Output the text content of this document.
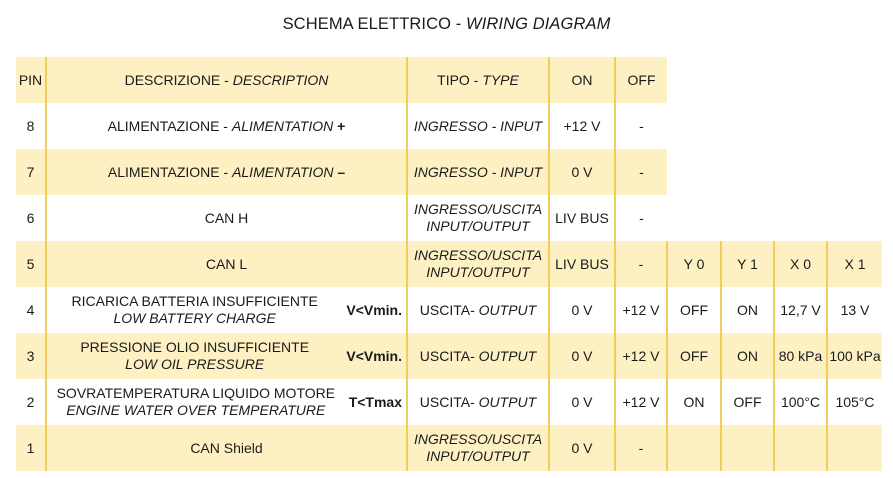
SCHEMA ELETTRICO - WIRING DIAGRAM
PIN	DESCRIZIONE - DESCRIPTION	TIPO - TYPE	ON	OFF				
8	ALIMENTAZIONE - ALIMENTATION +	INGRESSO - INPUT	+12 V	-				
7	ALIMENTAZIONE - ALIMENTATION –	INGRESSO - INPUT	0 V	-				
6	CAN H	INGRESSO/USCITA
INPUT/OUTPUT	LIV BUS	-				
5	CAN L	INGRESSO/USCITA
INPUT/OUTPUT	LIV BUS	-	Y 0	Y 1	X 0	X 1
4	RICARICA BATTERIA INSUFFICIENTE
LOW BATTERY CHARGE
V<Vmin.	USCITA- OUTPUT	0 V	+12 V	OFF	ON	12,7 V	13 V
3	PRESSIONE OLIO INSUFFICIENTE
LOW OIL PRESSURE
V<Vmin.	USCITA- OUTPUT	0 V	+12 V	OFF	ON	80 kPa	100 kPa
2	SOVRATEMPERATURA LIQUIDO MOTORE
ENGINE WATER OVER TEMPERATURE
T<Tmax	USCITA- OUTPUT	0 V	+12 V	ON	OFF	100°C	105°C
1	CAN Shield	INGRESSO/USCITA
INPUT/OUTPUT	0 V	-				
